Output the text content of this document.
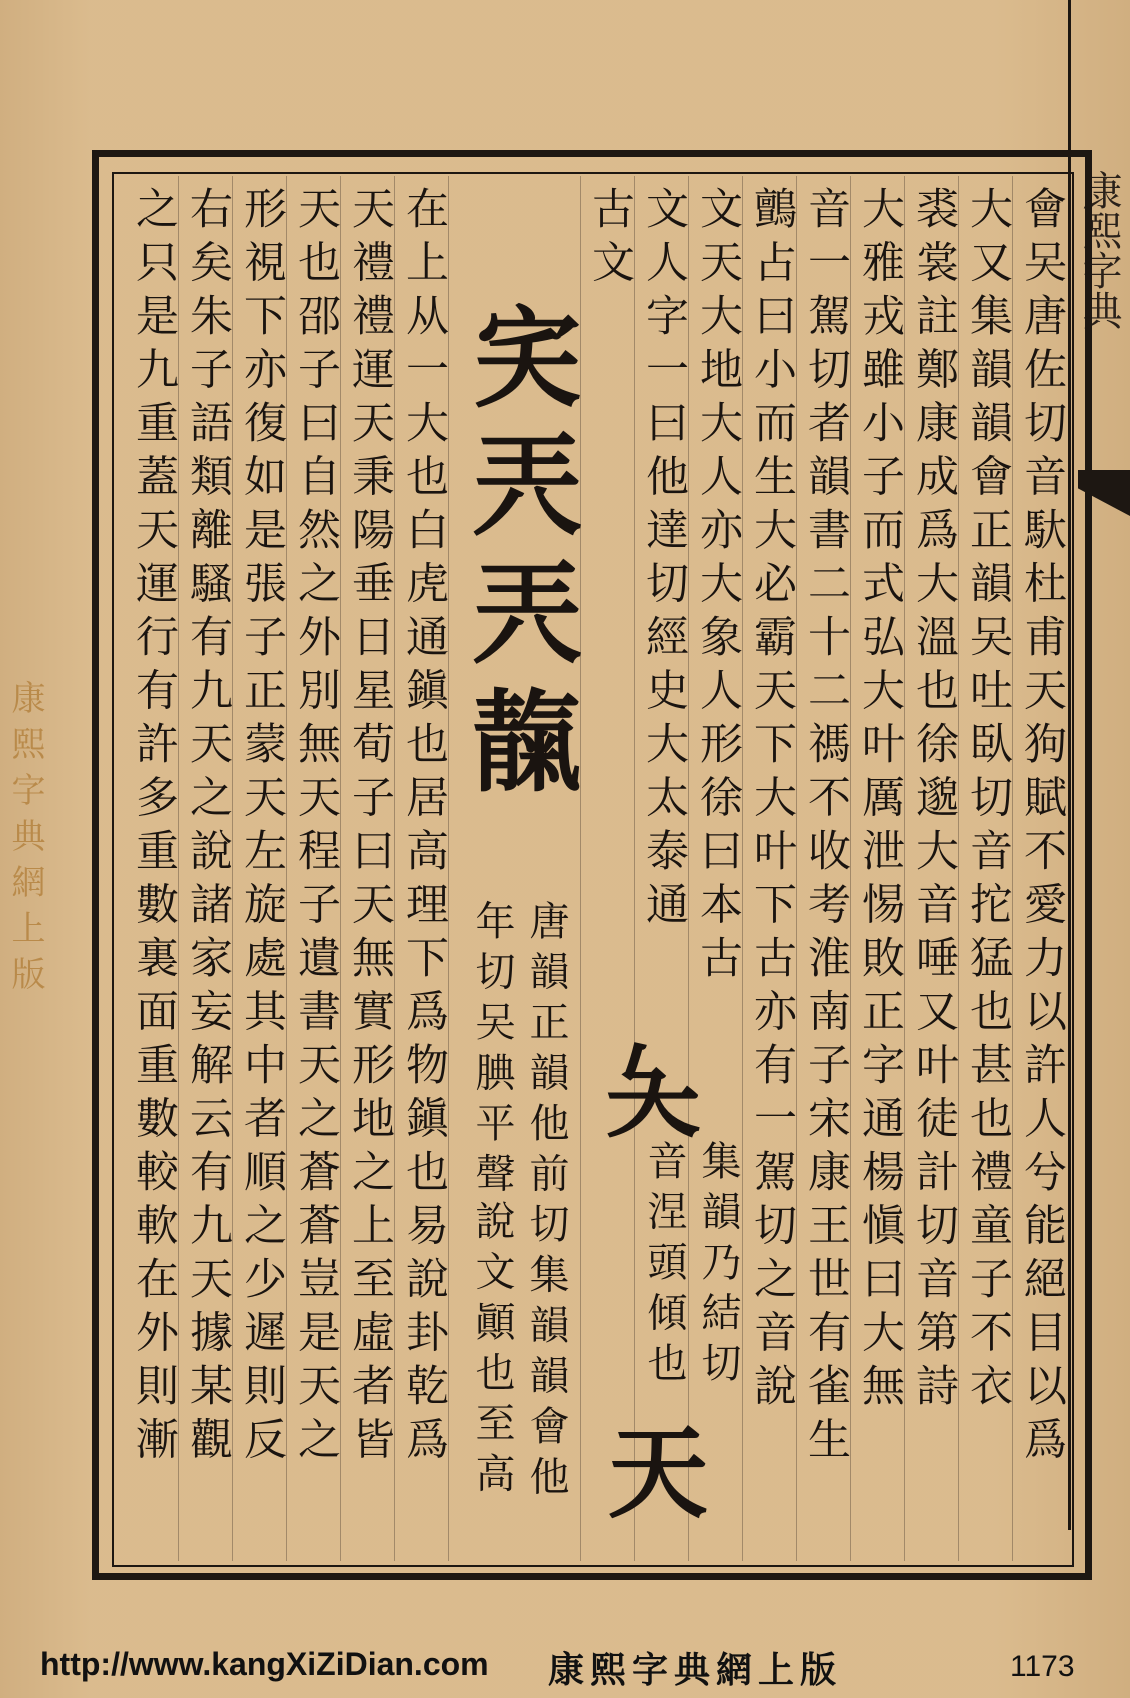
康熙字典
會㕦唐佐切音馱杜甫天狗賦不愛力以許人兮能絕目以爲
大又集韻韻會正韻㕦吐臥切音拕猛也甚也禮童子不衣
裘裳註鄭康成爲大溫也徐邈大音唾又叶徒計切音第詩
大雅戎雖小子而式弘大叶厲泄惕敗正字通楊愼曰大無
音一駕切者韻書二十二禡不收考淮南子宋康王世有雀生
鸇占曰小而生大必霸天下大叶下古亦有一駕切之音說
文天大地大人亦大象人形徐曰本古
文人字一曰他達切經史大太泰通
夨
集韻乃結切
音涅頭傾也
天
古文
宎兲兲靝
唐韻正韻他前切集韻韻會他
年切㕦腆平聲
說文顚也至高
在上从一大也白虎通鎭也居高理下爲物鎭也易說卦乾爲
天禮禮運天秉陽垂日星荀子曰天無實形地之上至虛者皆
天也邵子曰自然之外別無天程子遺書天之蒼蒼豈是天之
形視下亦復如是張子正蒙天左旋處其中者順之少遲則反
右矣朱子語類離騷有九天之說諸家妄解云有九天據某觀
之只是九重蓋天運行有許多重數裏面重數較軟在外則漸
康熙字典網上版
http://www.kangXiZiDian.com 康熙字典網上版	1173
